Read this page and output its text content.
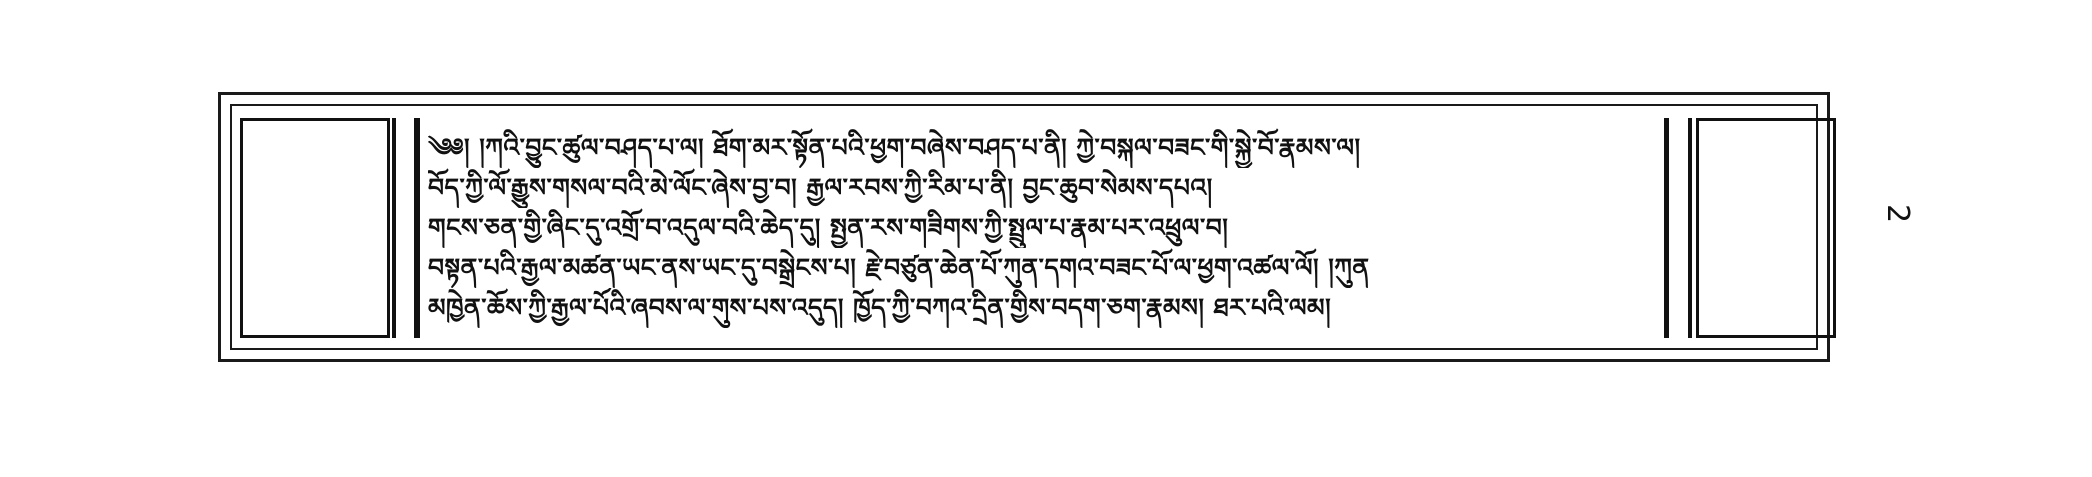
༄༅། །ཀའི་བྱུང་ཚུལ་བཤད་པ་ལ། ཐོག་མར་སྟོན་པའི་ཕྱག་བཞེས་བཤད་པ་ནི། ཀྱེ་བསྐལ་བཟང་གི་སྐྱེ་བོ་རྣམས་ལ།
བོད་ཀྱི་ལོ་རྒྱུས་གསལ་བའི་མེ་ལོང་ཞེས་བྱ་བ། རྒྱལ་རབས་ཀྱི་རིམ་པ་ནི། བྱང་ཆུབ་སེམས་དཔའ།
གངས་ཅན་གྱི་ཞིང་དུ་འགྲོ་བ་འདུལ་བའི་ཆེད་དུ། སྤྱན་རས་གཟིགས་ཀྱི་སྤྲུལ་པ་རྣམ་པར་འཕྲུལ་བ།
བསྟན་པའི་རྒྱལ་མཚན་ཡང་ནས་ཡང་དུ་བསྒྲེངས་པ། རྗེ་བཙུན་ཆེན་པོ་ཀུན་དགའ་བཟང་པོ་ལ་ཕྱག་འཚལ་ལོ། །ཀུན
མཁྱེན་ཆོས་ཀྱི་རྒྱལ་པོའི་ཞབས་ལ་གུས་པས་འདུད། ཁྱོད་ཀྱི་བཀའ་དྲིན་གྱིས་བདག་ཅག་རྣམས། ཐར་པའི་ལམ།
2
